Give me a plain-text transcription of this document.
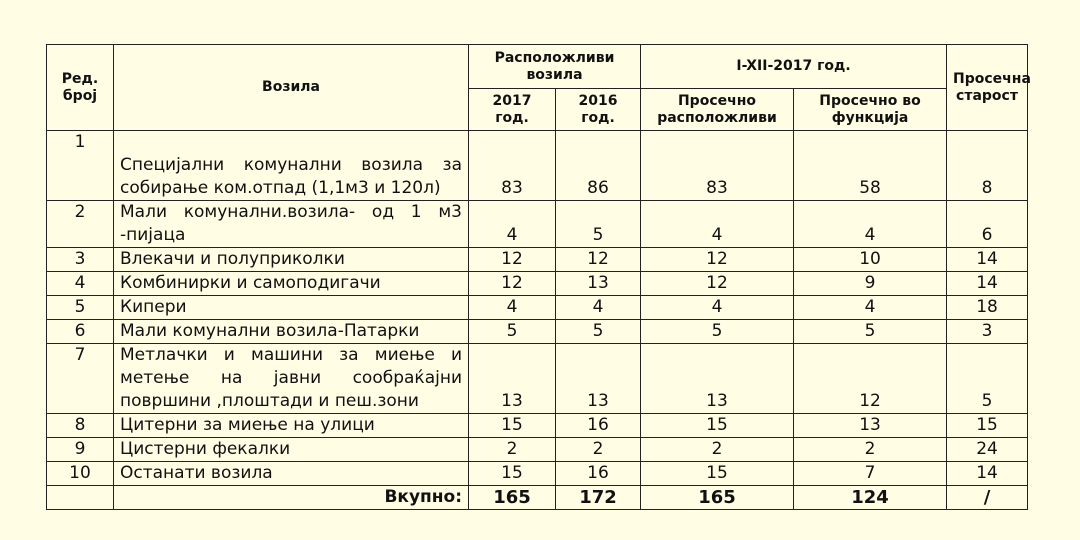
Ред. број	Возила	Расположливи возила		I-XII-2017 год.		Просечна старост
		2017 год.	2016 год.	Просечно расположливи	Просечно во функција	
1	Специјални комунални возила за собирање ком.отпад (1,1м3 и 120л)	83	86	83	58	8
2	Мали комунални.возила- од 1 м3 -пијаца	4	5	4	4	6
3	Влекачи и полуприколки	12	12	12	10	14
4	Комбинирки и самоподигачи	12	13	12	9	14
5	Кипери	4	4	4	4	18
6	Мали комунални возила-Патарки	5	5	5	5	3
7	Метлачки и машини за миење и метење на јавни сообраќајни површини ,плоштади и пеш.зони	13	13	13	12	5
8	Цитерни за миење на улици	15	16	15	13	15
9	Цистерни фекалки	2	2	2	2	24
10	Останати возила	15	16	15	7	14
	Вкупно:	165	172	165	124	/
